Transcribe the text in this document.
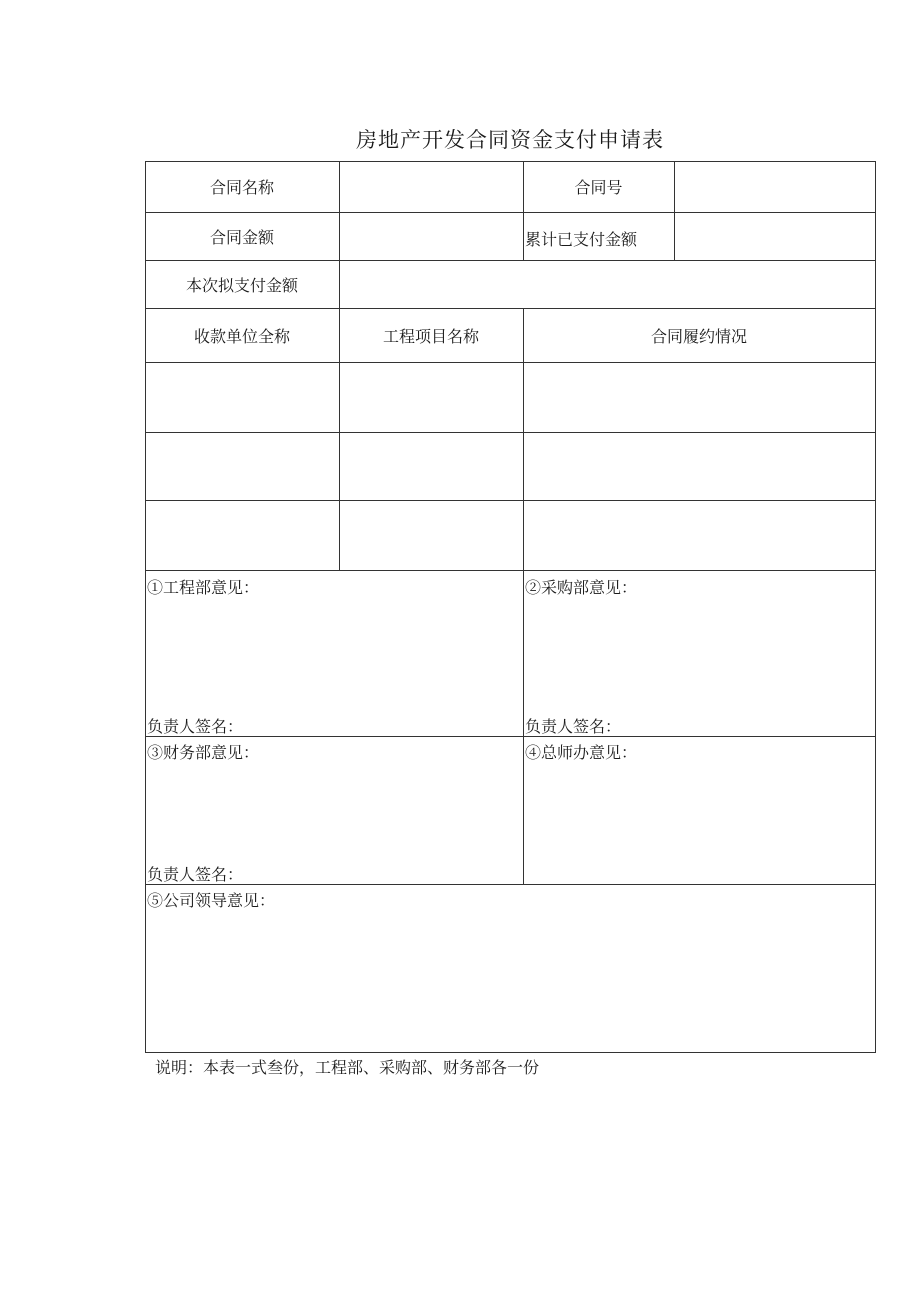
房地产开发合同资金支付申请表
合同名称	合同号
合同金额	累计已支付金额
本次拟支付金额
收款单位全称	工程项目名称	合同履约情况
①工程部意见：
负责人签名：
②采购部意见：
负责人签名：
③财务部意见：
负责人签名：
④总师办意见：
⑤公司领导意见：
说明：本表一式叁份，工程部、采购部、财务部各一份
